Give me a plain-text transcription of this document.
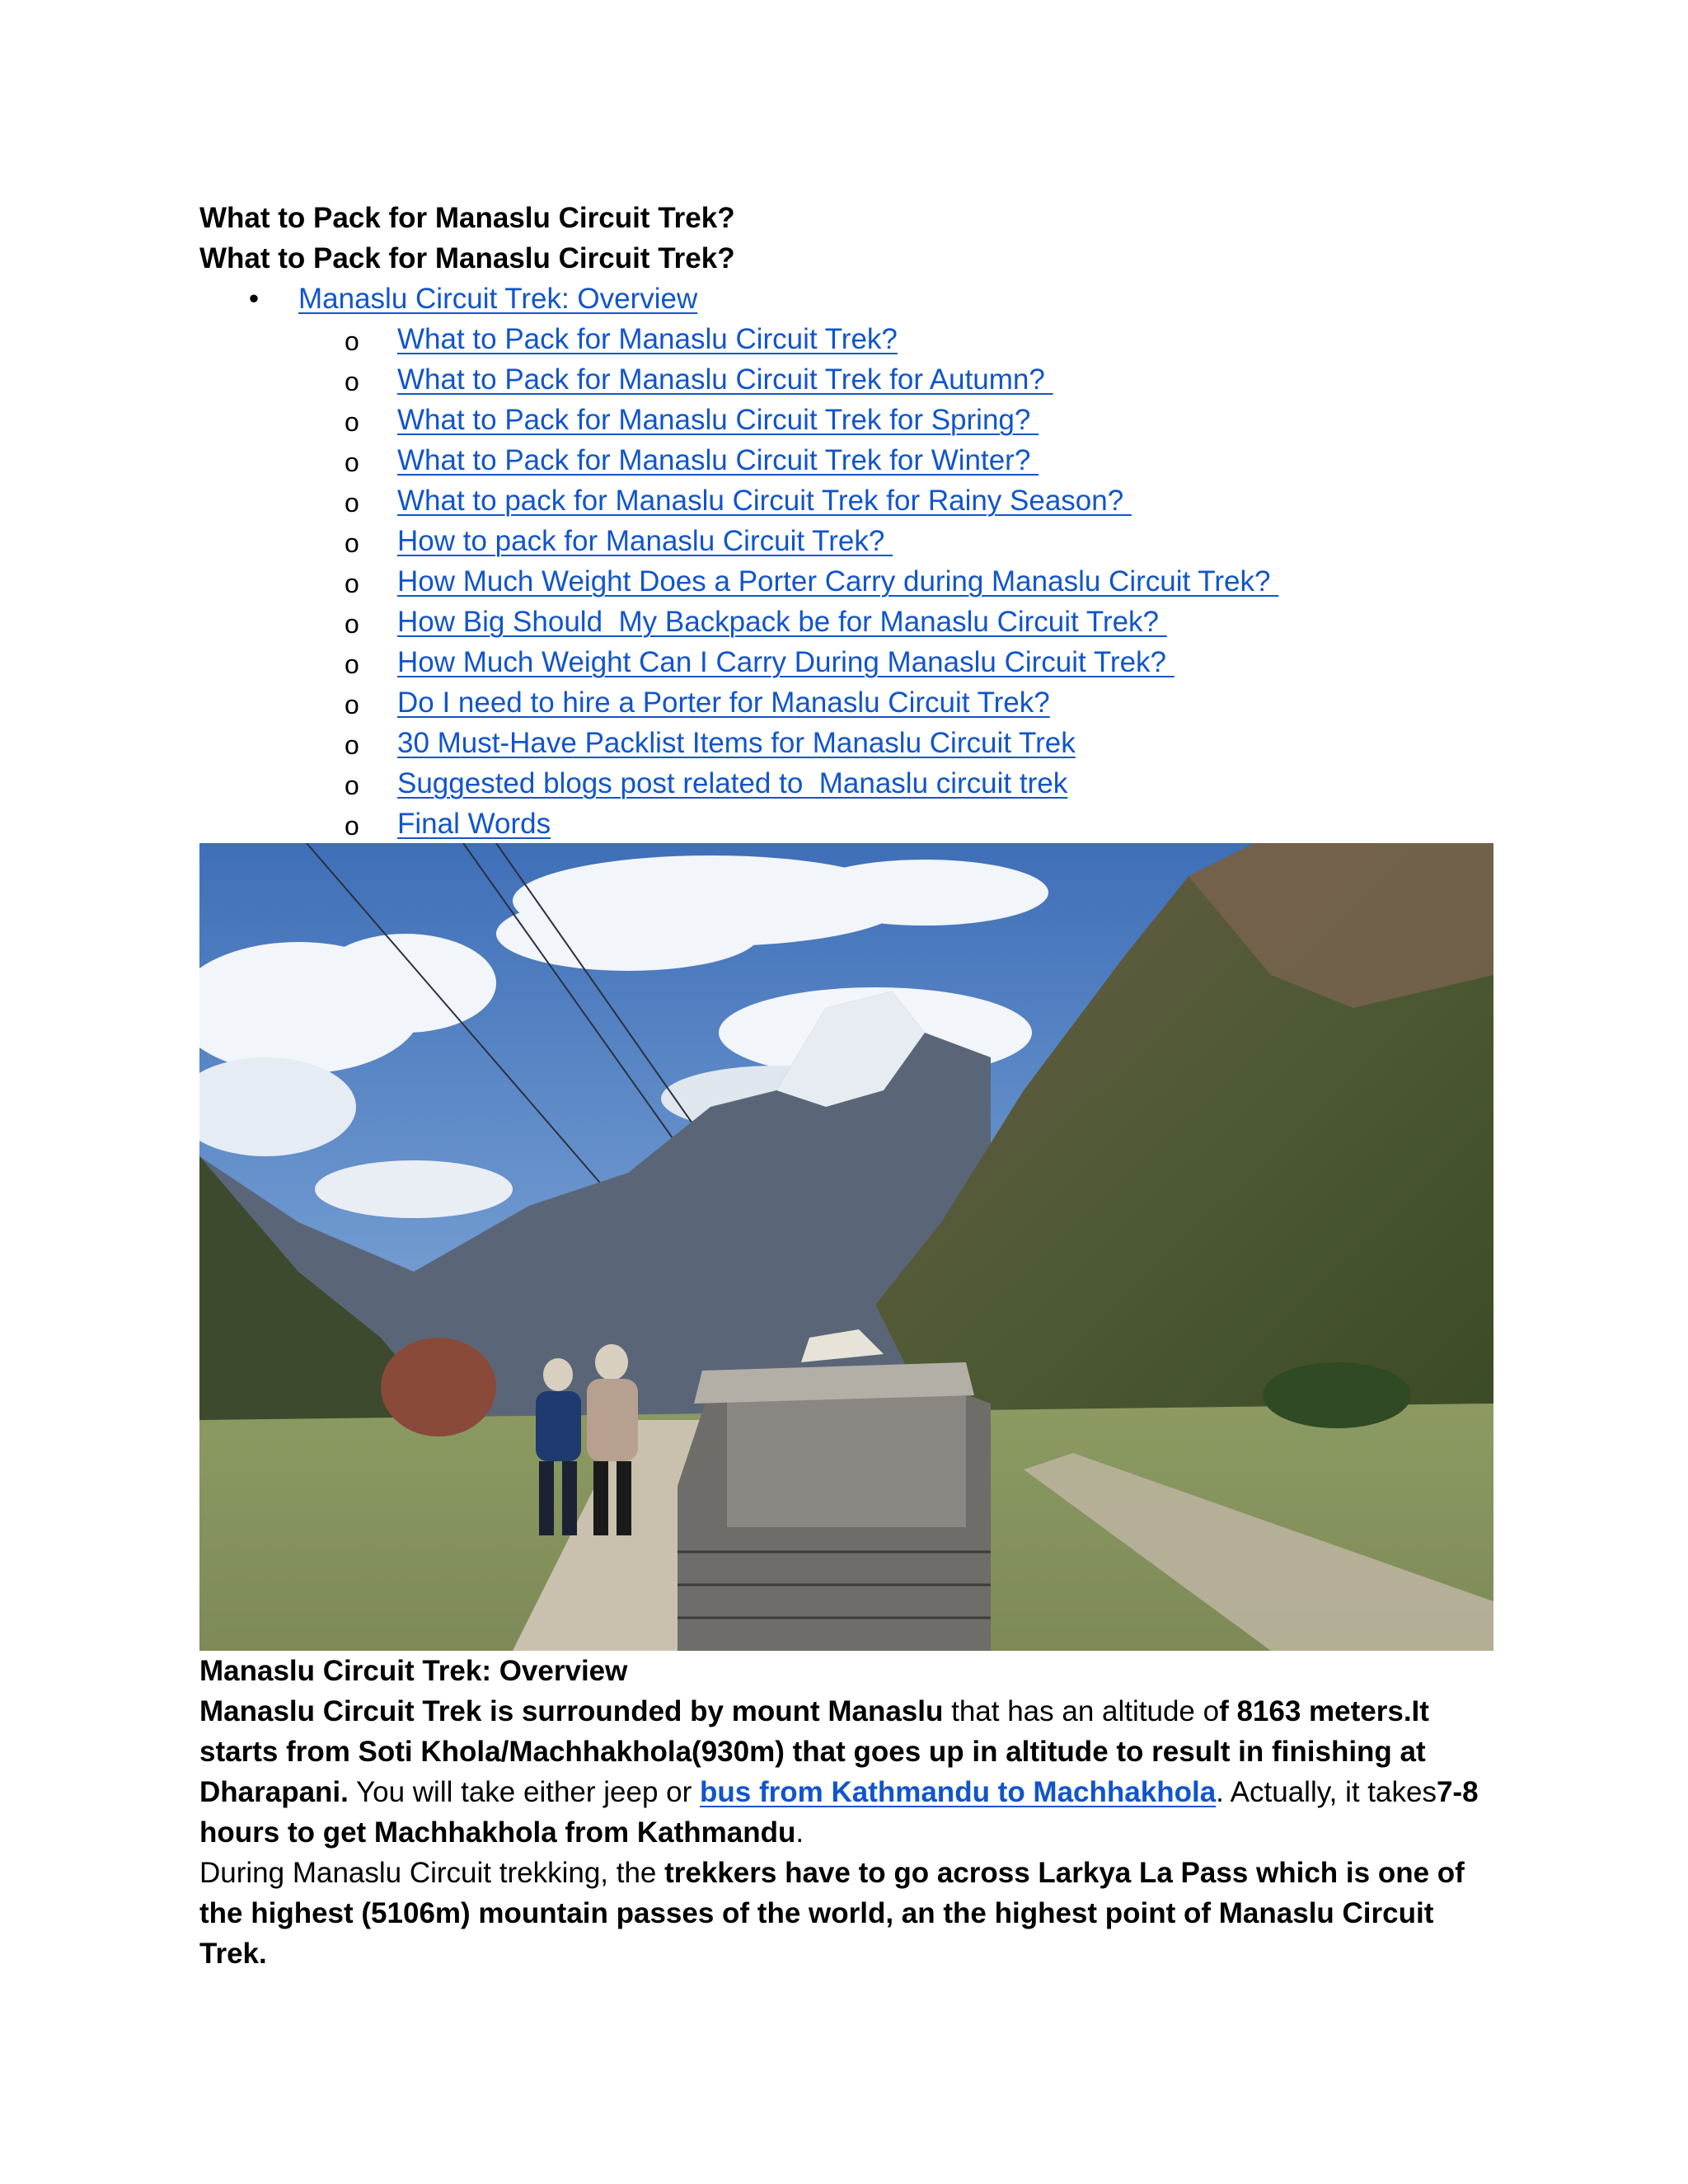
What to Pack for Manaslu Circuit Trek?

What to Pack for Manaslu Circuit Trek?

• Manaslu Circuit Trek: Overview
o What to Pack for Manaslu Circuit Trek?
o What to Pack for Manaslu Circuit Trek for Autumn?
o What to Pack for Manaslu Circuit Trek for Spring?
o What to Pack for Manaslu Circuit Trek for Winter?
o What to pack for Manaslu Circuit Trek for Rainy Season?
o How to pack for Manaslu Circuit Trek?
o How Much Weight Does a Porter Carry during Manaslu Circuit Trek?
o How Big Should  My Backpack be for Manaslu Circuit Trek?
o How Much Weight Can I Carry During Manaslu Circuit Trek?
o Do I need to hire a Porter for Manaslu Circuit Trek?
o 30 Must-Have Packlist Items for Manaslu Circuit Trek
o Suggested blogs post related to  Manaslu circuit trek
o Final Words

Manaslu Circuit Trek: Overview

Manaslu Circuit Trek is surrounded by mount Manaslu that has an altitude of 8163 meters.It starts from Soti Khola/Machhakhola(930m) that goes up in altitude to result in finishing at Dharapani. You will take either jeep or bus from Kathmandu to Machhakhola. Actually, it takes7-8 hours to get Machhakhola from Kathmandu.

During Manaslu Circuit trekking, the trekkers have to go across Larkya La Pass which is one of the highest (5106m) mountain passes of the world, an the highest point of Manaslu Circuit Trek.
